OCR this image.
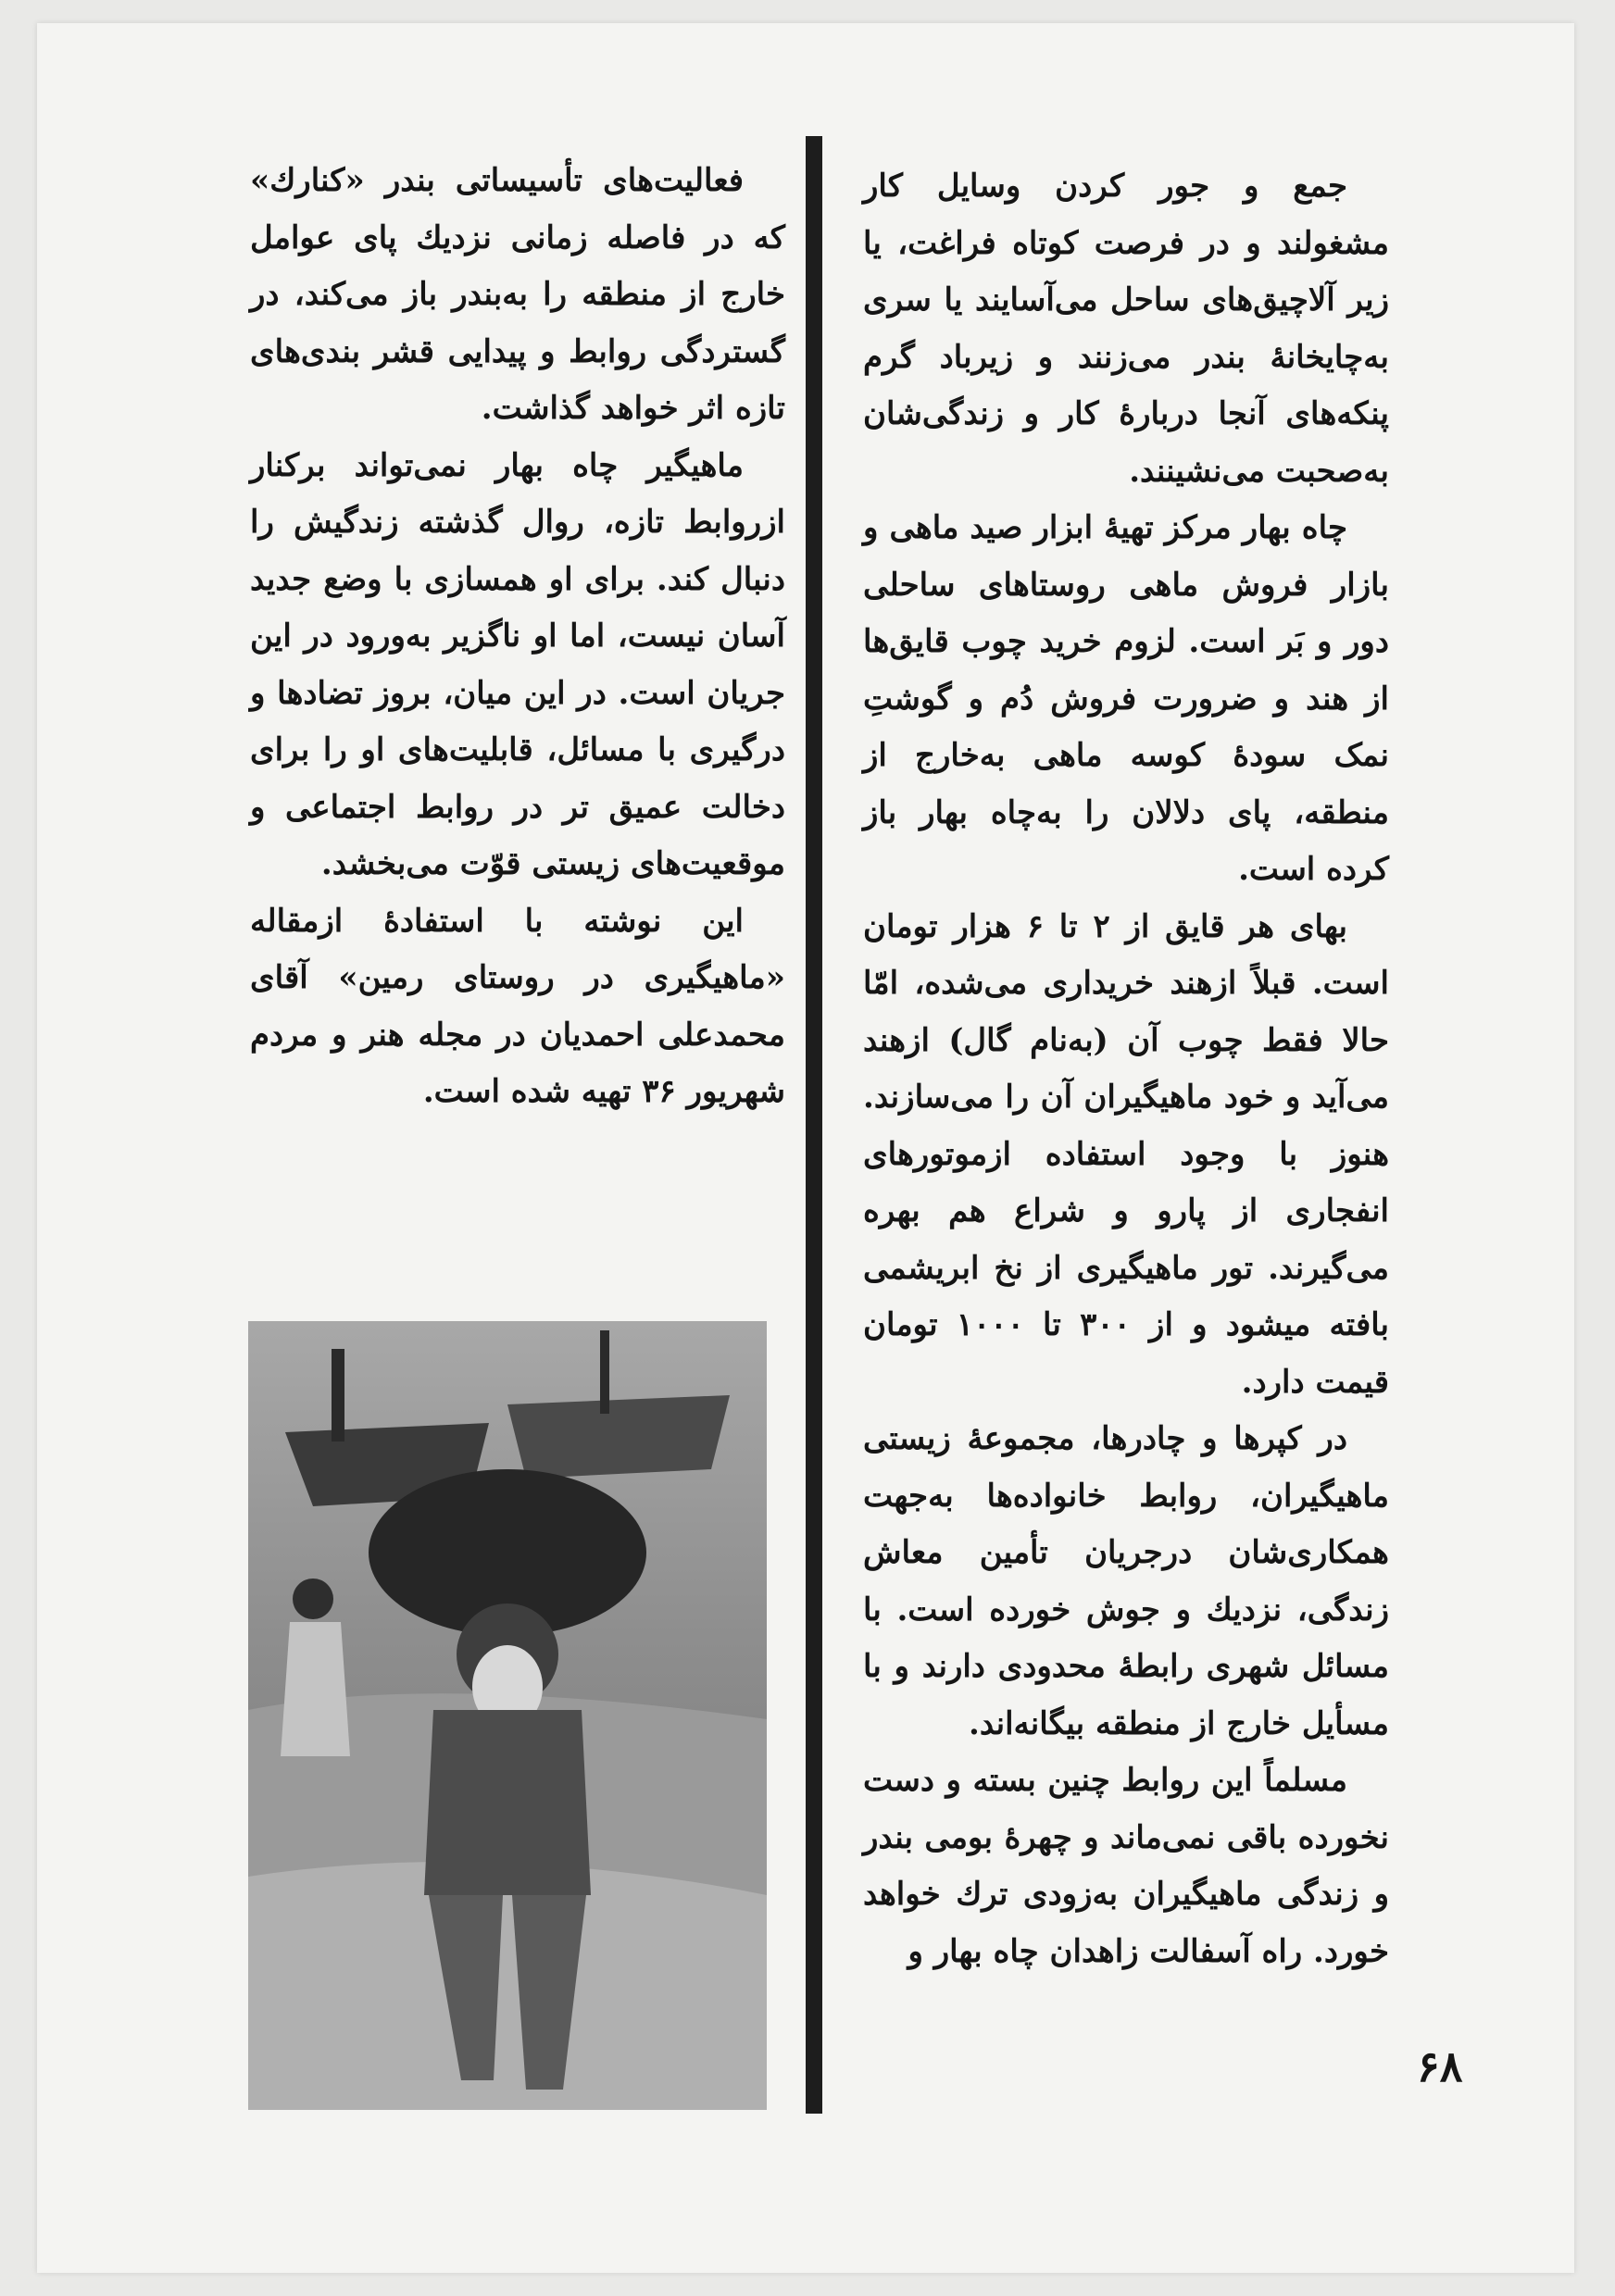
جمع و جور کردن وسایل کار مشغولند و در فرصت کوتاه فراغت، یا زیر آلاچیق‌های ساحل می‌آسایند یا سری به‌چایخانهٔ بندر می‌زنند و زیرباد گرم پنکه‌های آنجا دربارهٔ کار و زندگی‌شان به‌صحبت می‌نشینند.

چاه بهار مرکز تهیهٔ ابزار صید ماهی و بازار فروش ماهی روستاهای ساحلی دور و بَر است. لزوم خرید چوب قایق‌ها از هند و ضرورت فروش دُم و گوشتِ نمک سودهٔ کوسه ماهی به‌خارج از منطقه، پای دلالان را به‌چاه بهار باز کرده است.

بهای هر قایق از ۲ تا ۶ هزار تومان است. قبلاً ازهند خریداری می‌شده، امّا حالا فقط چوب آن (به‌نام گال) ازهند می‌آید و خود ماهیگیران آن را می‌سازند. هنوز با وجود استفاده ازموتورهای انفجاری از پارو و شراع هم بهره می‌گیرند. تور ماهیگیری از نخ ابریشمی بافته میشود و از ۳۰۰ تا ۱۰۰۰ تومان قیمت دارد.

در کپرها و چادرها، مجموعهٔ زیستی ماهیگیران، روابط خانواده‌ها به‌جهت همکاری‌شان درجریان تأمین معاش زندگی، نزدیك و جوش خورده است. با مسائل شهری رابطهٔ محدودی دارند و با مسأیل خارج از منطقه بیگانه‌اند.

مسلماً این روابط چنین بسته و دست نخورده باقی نمی‌ماند و چهرهٔ بومی بندر و زندگی ماهیگیران به‌زودی ترك خواهد خورد. راه آسفالت زاهدان چاه بهار و

فعالیت‌های تأسیساتی بندر «کنارك» که در فاصله زمانی نزدیك پای عوامل خارج از منطقه را به‌بندر باز می‌کند، در گستردگی روابط و پیدایی قشر بندی‌های تازه اثر خواهد گذاشت.

ماهیگیر چاه بهار نمی‌تواند برکنار ازروابط تازه، روال گذشته زندگیش را دنبال کند. برای او همسازی با وضع جدید آسان نیست، اما او ناگزیر به‌ورود در این جریان است. در این میان، بروز تضادها و درگیری با مسائل، قابلیت‌های او را برای دخالت عمیق تر در روابط اجتماعی و موقعیت‌های زیستی قوّت می‌بخشد.

این نوشته با استفادهٔ ازمقاله «ماهیگیری در روستای رمین» آقای محمدعلی احمدیان در مجله هنر و مردم شهریور ۳۶ تهیه شده است.

۶۸
